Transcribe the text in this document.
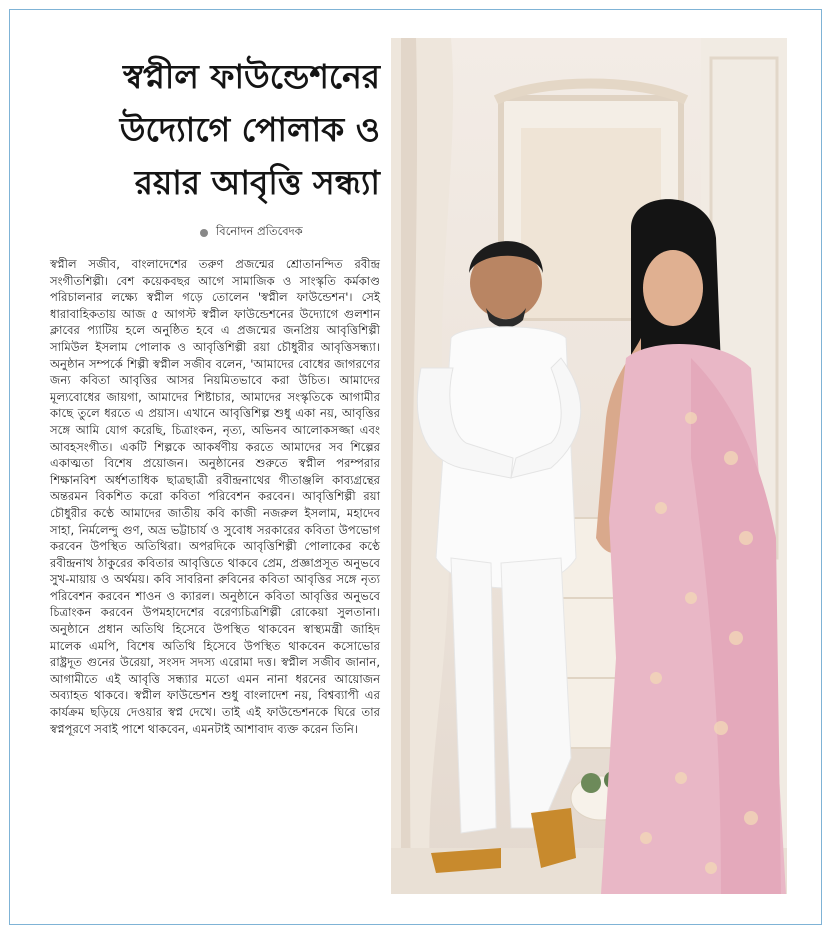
স্বপ্নীল ফাউন্ডেশনের
উদ্যোগে পোলাক ও
রয়ার আবৃত্তি সন্ধ্যা
বিনোদন প্রতিবেদক
স্বপ্নীল সজীব, বাংলাদেশের তরুণ প্রজন্মের শ্রোতানন্দিত রবীন্দ্র সংগীতশিল্পী। বেশ কয়েকবছর আগে সামাজিক ও সাংস্কৃতি কর্মকাণ্ড পরিচালনার লক্ষ্যে স্বপ্নীল গড়ে তোলেন 'স্বপ্নীল ফাউন্ডেশন'। সেই ধারাবাহিকতায় আজ ৫ আগস্ট স্বপ্নীল ফাউন্ডেশনের উদ্যোগে গুলশান ক্লাবের প্যাটিয় হলে অনুষ্ঠিত হবে এ প্রজন্মের জনপ্রিয় আবৃত্তিশিল্পী সামিউল ইসলাম পোলাক ও আবৃত্তিশিল্পী রয়া চৌধুরীর আবৃত্তিসন্ধ্যা। অনুষ্ঠান সম্পর্কে শিল্পী স্বপ্নীল সজীব বলেন, 'আমাদের বোধের জাগরণের জন্য কবিতা আবৃত্তির আসর নিয়মিতভাবে করা উচিত। আমাদের মূল্যবোধের জায়গা, আমাদের শিষ্টাচার, আমাদের সংস্কৃতিকে আগামীর কাছে তুলে ধরতে এ প্রয়াস। এখানে আবৃত্তিশিল্প শুধু একা নয়, আবৃত্তির সঙ্গে আমি যোগ করেছি, চিত্রাংকন, নৃত্য, অভিনব আলোকসজ্জা এবং আবহসংগীত। একটি শিল্পকে আকর্ষণীয় করতে আমাদের সব শিল্পের একাত্মতা বিশেষ প্রয়োজন। অনুষ্ঠানের শুরুতে স্বপ্নীল পরম্পরার শিক্ষানবিশ অর্ধশতাধিক ছাত্রছাত্রী রবীন্দ্রনাথের গীতাঞ্জলি কাব্যগ্রন্থের অন্তরমন বিকশিত করো কবিতা পরিবেশন করবেন। আবৃত্তিশিল্পী রয়া চৌধুরীর কণ্ঠে আমাদের জাতীয় কবি কাজী নজরুল ইসলাম, মহাদেব সাহা, নির্মলেন্দু গুণ, অভ্র ভট্টাচার্য ও সুবোধ সরকারের কবিতা উপভোগ করবেন উপস্থিত অতিথিরা। অপরদিকে আবৃত্তিশিল্পী পোলাকের কণ্ঠে রবীন্দ্রনাথ ঠাকুরের কবিতার আবৃত্তিতে থাকবে প্রেম, প্রজ্ঞাপ্রসূত অনুভবে সুখ-মায়ায় ও অর্থময়। কবি সাবরিনা রুবিনের কবিতা আবৃত্তির সঙ্গে নৃত্য পরিবেশন করবেন শাওন ও ক্যারল। অনুষ্ঠানে কবিতা আবৃত্তির অনুভবে চিত্রাংকন করবেন উপমহাদেশের বরেণ্যচিত্রশিল্পী রোকেয়া সুলতানা। অনুষ্ঠানে প্রধান অতিথি হিসেবে উপস্থিত থাকবেন স্বাস্থ্যমন্ত্রী জাহিদ মালেক এমপি, বিশেষ অতিথি হিসেবে উপস্থিত থাকবেন কসোভোর রাষ্ট্রদূত গুনের উরেয়া, সংসদ সদস্য এরোমা দত্ত। স্বপ্নীল সজীব জানান, আগামীতে এই আবৃত্তি সন্ধ্যার মতো এমন নানা ধরনের আয়োজন অব্যাহত থাকবে। স্বপ্নীল ফাউন্ডেশন শুধু বাংলাদেশ নয়, বিশ্বব্যাপী এর কার্যক্রম ছড়িয়ে দেওয়ার স্বপ্ন দেখে। তাই এই ফাউন্ডেশনকে ঘিরে তার স্বপ্নপূরণে সবাই পাশে থাকবেন, এমনটাই আশাবাদ ব্যক্ত করেন তিনি।
